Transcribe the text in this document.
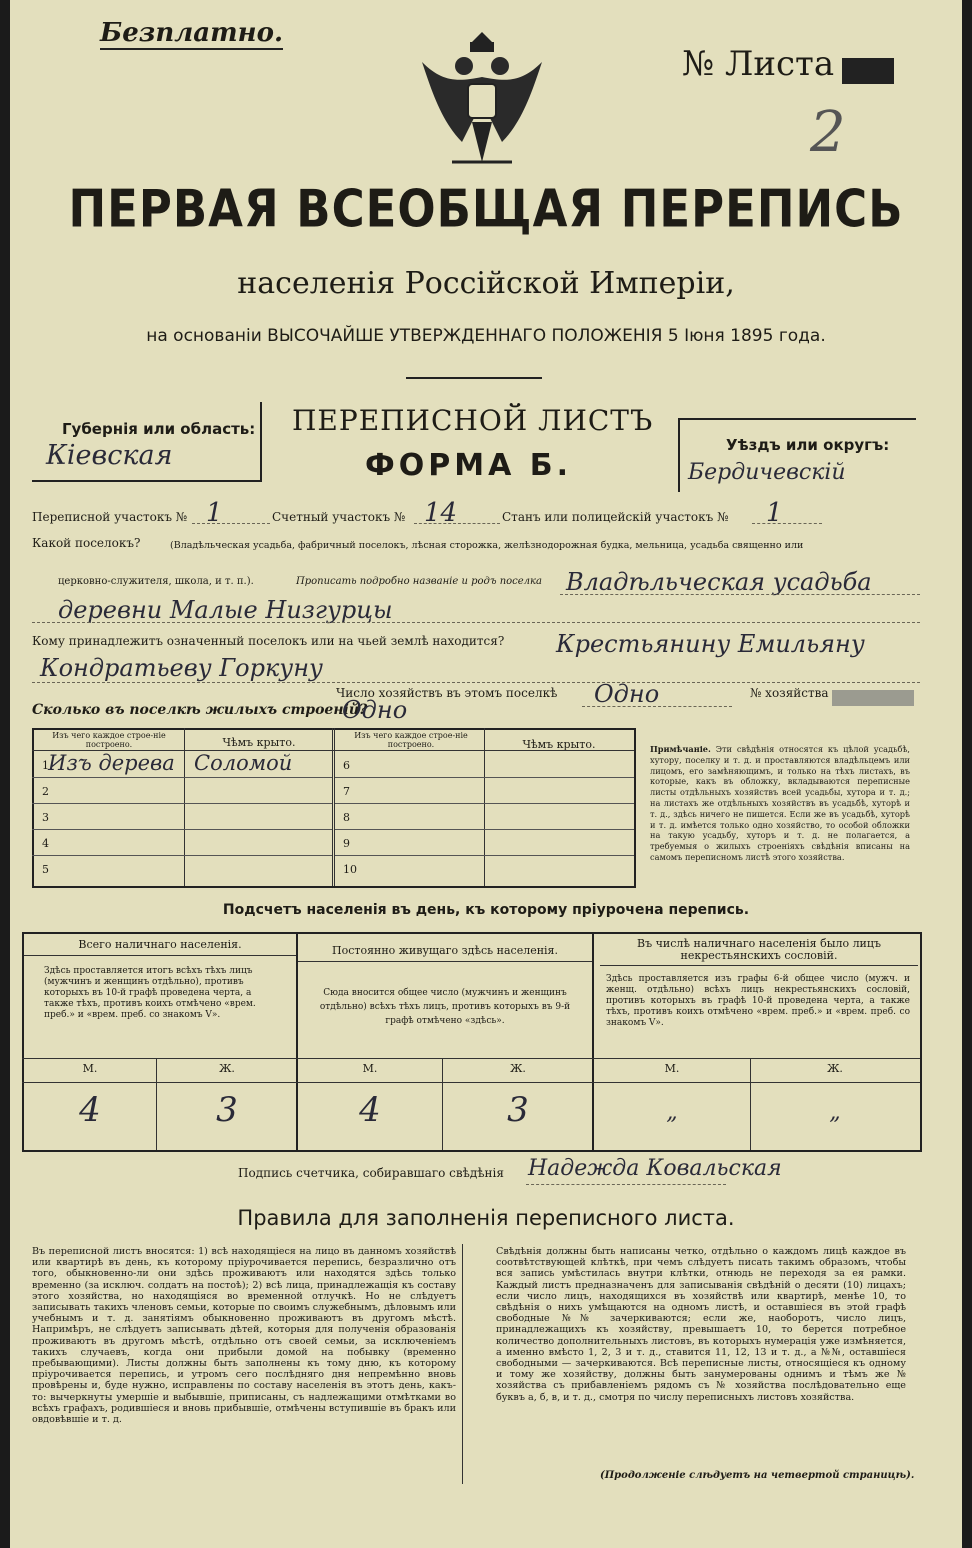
Безплатно.
№ Листа
2
ПЕРВАЯ ВСЕОБЩАЯ ПЕРЕПИСЬ
населенія Россійской Имперіи,
на основаніи ВЫСОЧАЙШЕ УТВЕРЖДЕННАГО ПОЛОЖЕНІЯ 5 Іюня 1895 года.
Губернія или область:
Кiевская
ПЕРЕПИСНОЙ ЛИСТЪ
ФОРМА Б.
Уѣздъ или округъ:
Бердичевскiй
Переписной участокъ № 1	Счетный участокъ № 14	Станъ или полицейскій участокъ № 1
Какой поселокъ?	(Владѣльческая усадьба, фабричный поселокъ, лѣсная сторожка, желѣзнодорожная будка, мельница, усадьба священно или
церковно-служителя, школа, и т. п.).	Прописать подробно названіе и родъ поселка Владѣльческая усадьба
деревни Малые Низгурцы
Кому принадлежитъ означенный поселокъ или на чьей землѣ находится? Крестьянину Емильяну
Кондратьеву Горкуну
Число хозяйствъ въ этомъ поселкѣ Одно	№ хозяйства
Сколько въ поселкѣ жилыхъ строеній?
Одно
Изъ чего каждое строе-ніе построено.	Чѣмъ крыто.
Изъ чего каждое строе-ніе построено.	Чѣмъ крыто.
1 Изъ дерева Соломой
2
3
4
5
6
7
8
9
10
Примѣчаніе. Эти свѣдѣнія относятся къ цѣлой усадьбѣ, хутору, поселку и т. д. и проставляются владѣльцемъ или лицомъ, его замѣняющимъ, и только на тѣхъ листахъ, въ которые, какъ въ обложку, вкладываются переписные листы отдѣльныхъ хозяйствъ всей усадьбы, хутора и т. д.; на листахъ же отдѣльныхъ хозяйствъ въ усадьбѣ, хуторѣ и т. д., здѣсь ничего не пишется. Если же въ усадьбѣ, хуторѣ и т. д. имѣется только одно хозяйство, то особой обложки на такую усадьбу, хуторъ и т. д. не полагается, а требуемыя о жилыхъ строеніяхъ свѣдѣнія вписаны на самомъ переписномъ листѣ этого хозяйства.
Подсчетъ населенія въ день, къ которому пріурочена перепись.
Всего наличнаго населенія.
Здѣсь проставляется итогъ всѣхъ тѣхъ лицъ (мужчинъ и женщинъ отдѣльно), противъ которыхъ въ 10-й графѣ проведена черта, а также тѣхъ, противъ коихъ отмѣчено «врем. преб.» и «врем. преб. со знакомъ V».
Постоянно живущаго здѣсь населенія.
Сюда вносится общее число (мужчинъ и женщинъ отдѣльно) всѣхъ тѣхъ лицъ, противъ которыхъ въ 9-й графѣ отмѣчено «здѣсь».
Въ числѣ наличнаго населенія было лицъ некрестьянскихъ сословій.
Здѣсь проставляется изъ графы 6-й общее число (мужч. и женщ. отдѣльно) всѣхъ лицъ некрестьянскихъ сословій, противъ которыхъ въ графѣ 10-й проведена черта, а также тѣхъ, противъ коихъ отмѣчено «врем. преб.» и «врем. преб. со знакомъ V».
М.	Ж.	М.	Ж.	М.	Ж.
4	3	4	3	„	„
Подпись счетчика, собиравшаго свѣдѣнія Надежда Ковальская
Правила для заполненія переписного листа.
Въ переписной листъ вносятся: 1) всѣ находящіеся на лицо въ данномъ хозяйствѣ или квартирѣ въ день, къ которому пріурочивается перепись, безразлично отъ того, обыкновенно-ли они здѣсь проживаютъ или находятся здѣсь только временно (за исключ. солдатъ на постоѣ); 2) всѣ лица, принадлежащія къ составу этого хозяйства, но находящіяся во временной отлучкѣ. Но не слѣдуетъ записывать такихъ членовъ семьи, которые по своимъ служебнымъ, дѣловымъ или учебнымъ и т. д. занятіямъ обыкновенно проживаютъ въ другомъ мѣстѣ. Напримѣръ, не слѣдуетъ записывать дѣтей, которыя для полученія образованія проживаютъ въ другомъ мѣстѣ, отдѣльно отъ своей семьи, за исключеніемъ такихъ случаевъ, когда они прибыли домой на побывку (временно пребывающими). Листы должны быть заполнены къ тому дню, къ которому пріурочивается перепись, и утромъ сего послѣдняго дня непремѣнно вновь провѣрены и, буде нужно, исправлены по составу населенія въ этотъ день, какъ-то: вычеркнуты умершіе и выбывшіе, приписаны, съ надлежащими отмѣтками во всѣхъ графахъ, родившіеся и вновь прибывшіе, отмѣчены вступившіе въ бракъ или овдовѣвшіе и т. д.
Свѣдѣнія должны быть написаны четко, отдѣльно о каждомъ лицѣ каждое въ соотвѣтствующей клѣткѣ, при чемъ слѣдуетъ писать такимъ образомъ, чтобы вся запись умѣстилась внутри клѣтки, отнюдь не переходя за ея рамки. Каждый листъ предназначенъ для записыванія свѣдѣній о десяти (10) лицахъ; если число лицъ, находящихся въ хозяйствѣ или квартирѣ, менѣе 10, то свѣдѣнія о нихъ умѣщаются на одномъ листѣ, и оставшіеся въ этой графѣ свободные №№ зачеркиваются; если же, наоборотъ, число лицъ, принадлежащихъ къ хозяйству, превышаетъ 10, то берется потребное количество дополнительныхъ листовъ, въ которыхъ нумерація уже измѣняется, а именно вмѣсто 1, 2, 3 и т. д., ставится 11, 12, 13 и т. д., а №№, оставшіеся свободными — зачеркиваются. Всѣ переписные листы, относящіеся къ одному и тому же хозяйству, должны быть занумерованы однимъ и тѣмъ же № хозяйства съ прибавленіемъ рядомъ съ № хозяйства послѣдовательно еще буквъ а, б, в, и т. д., смотря по числу переписныхъ листовъ хозяйства.
(Продолженіе слѣдуетъ на четвертой страницѣ).
